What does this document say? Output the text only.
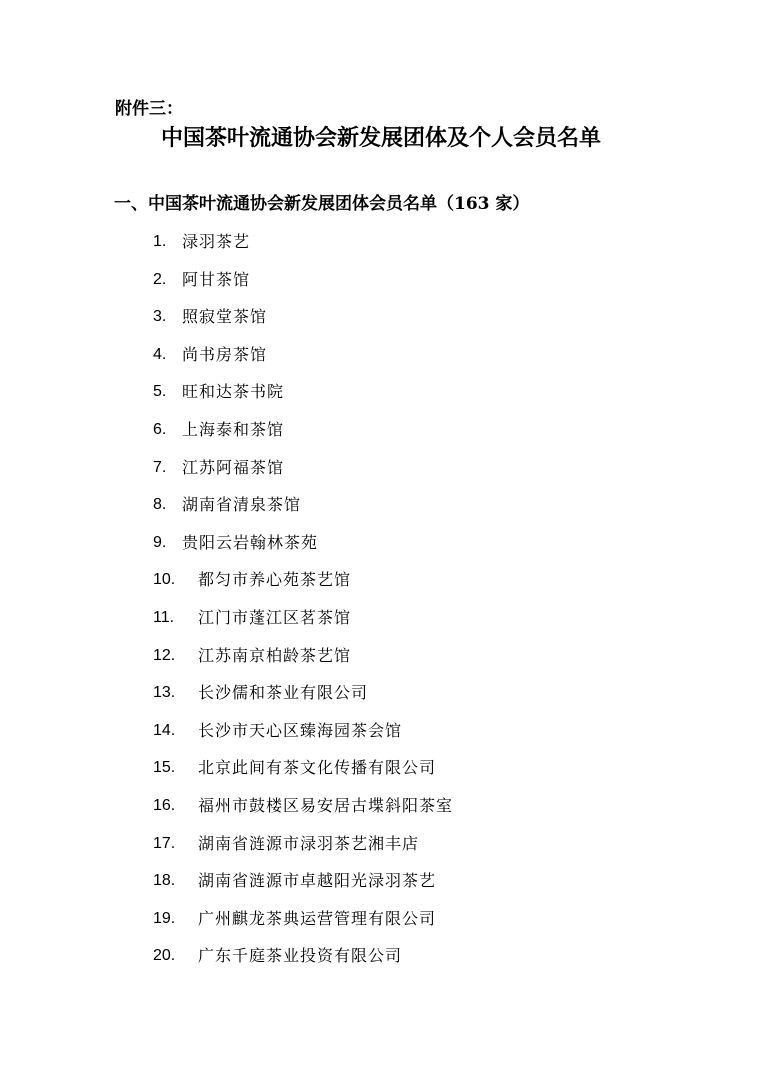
附件三：
中国茶叶流通协会新发展团体及个人会员名单
一、中国茶叶流通协会新发展团体会员名单（163 家）
1. 渌羽茶艺
2. 阿甘茶馆
3. 照寂堂茶馆
4. 尚书房茶馆
5. 旺和达茶书院
6. 上海泰和茶馆
7. 江苏阿福茶馆
8. 湖南省清泉茶馆
9. 贵阳云岩翰林茶苑
10. 都匀市养心苑茶艺馆
11. 江门市蓬江区茗茶馆
12. 江苏南京柏龄茶艺馆
13. 长沙儒和茶业有限公司
14. 长沙市天心区臻海园茶会馆
15. 北京此间有茶文化传播有限公司
16. 福州市鼓楼区易安居古堞斜阳茶室
17. 湖南省涟源市渌羽茶艺湘丰店
18. 湖南省涟源市卓越阳光渌羽茶艺
19. 广州麒龙茶典运营管理有限公司
20. 广东千庭茶业投资有限公司
